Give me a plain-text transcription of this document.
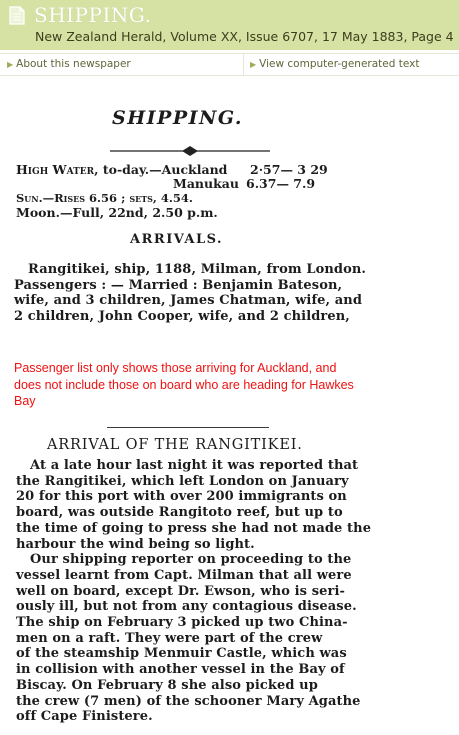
SHIPPING.
New Zealand Herald, Volume XX, Issue 6707, 17 May 1883, Page 4
▶ About this newspaper	▶ View computer-generated text
SHIPPING.
High Water, to-day.—Auckland 2·57— 3 29
Manukau 6.37— 7.9
Sun.—Rises 6.56 ; sets, 4.54.
Moon.—Full, 22nd, 2.50 p.m.
ARRIVALS.
Rangitikei, ship, 1188, Milman, from London.
Passengers : — Married : Benjamin Bateson,
wife, and 3 children, James Chatman, wife, and
2 children, John Cooper, wife, and 2 children,
Passenger list only shows those arriving for Auckland, and does not include those on board who are heading for Hawkes Bay
ARRIVAL OF THE RANGITIKEI.
At a late hour last night it was reported that
the Rangitikei, which left London on January
20 for this port with over 200 immigrants on
board, was outside Rangitoto reef, but up to
the time of going to press she had not made the
harbour the wind being so light.
Our shipping reporter on proceeding to the
vessel learnt from Capt. Milman that all were
well on board, except Dr. Ewson, who is seri-
ously ill, but not from any contagious disease.
The ship on February 3 picked up two China-
men on a raft. They were part of the crew
of the steamship Menmuir Castle, which was
in collision with another vessel in the Bay of
Biscay. On February 8 she also picked up
the crew (7 men) of the schooner Mary Agathe
off Cape Finistere.
